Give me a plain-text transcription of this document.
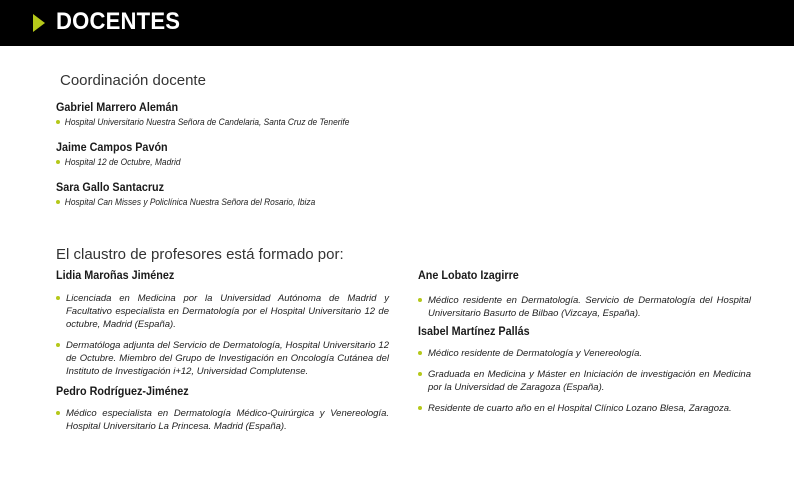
DOCENTES
Coordinación docente
Gabriel Marrero Alemán
Hospital Universitario Nuestra Señora de Candelaria, Santa Cruz de Tenerife
Jaime Campos Pavón
Hospital 12 de Octubre, Madrid
Sara Gallo Santacruz
Hospital Can Misses y Policlínica Nuestra Señora del Rosario, Ibiza
El claustro de profesores está formado por:
Lidia Maroñas Jiménez
Licenciada en Medicina por la Universidad Autónoma de Madrid y Facultativo especialista en Dermatología por el Hospital Universitario 12 de octubre, Madrid (España).
Dermatóloga adjunta del Servicio de Dermatología, Hospital Universitario 12 de Octubre. Miembro del Grupo de Investigación en Oncología Cutánea del Instituto de Investigación i+12, Universidad Complutense.
Pedro Rodríguez-Jiménez
Médico especialista en Dermatología Médico-Quirúrgica y Venereología. Hospital Universitario La Princesa. Madrid (España).
Ane Lobato Izagirre
Médico residente en Dermatología. Servicio de Dermatología del Hospital Universitario Basurto de Bilbao (Vizcaya, España).
Isabel Martínez Pallás
Médico residente de Dermatología y Venereología.
Graduada en Medicina y Máster en Iniciación de investigación en Medicina por la Universidad de Zaragoza (España).
Residente de cuarto año en el Hospital Clínico Lozano Blesa, Zaragoza.
